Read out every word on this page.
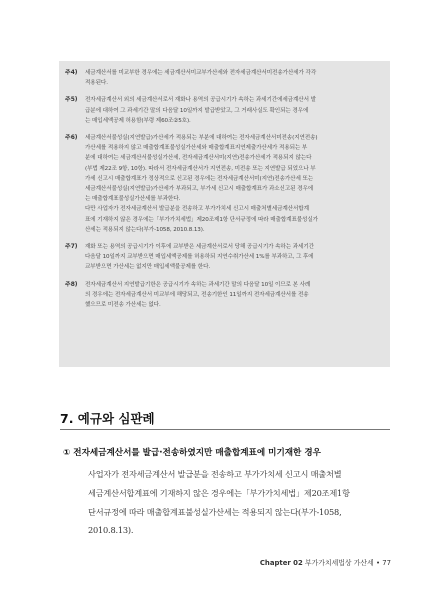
주4)	세금계산서를 미교부한 경우에는 세금계산서미교부가산세와 전자세금계산서미전송가산세가 각각

적용된다.

주5)	전자세금계산서 외의 세금계산서로서 재화나 용역의 공급시기가 속하는 과세기간에세금계산서 발

급분에 대하여 그 과세기간 말의 다음달 10일까지 발급받았고, 그 거래사실도 확인되는 경우에

는 매입세액공제 허용함(부령 제60조②5호).

주6)	세금계산서불성실(지연발급)가산세가 적용되는 부분에 대하여는 전자세금계산서미전송(지연전송)

가산세를 적용하지 않고 매출합계표불성실가산세와 매출합계표지연제출가산세가 적용되는 부

분에 대하여는 세금계산서불성실가산세, 전자세금계산서미(지연)전송가산세가 적용되지 않는다

(부법 제22조 9항, 10항). 따라서 전자세금계산서가 지연전송, 미전송 또는 지연발급 되었으나 부

가세 신고시 매출합계표가 정상적으로 신고된 경우에는 전자세금계산서미(지연)전송가산세 또는

세금계산서불성실(지연발급)가산세가 부과되고, 부가세 신고시 매출합계표가 과소신고된 경우에

는 매출합계표불성실가산세를 부과한다.

다만 사업자가 전자세금계산서 발급분을 전송하고 부가가치세 신고시 매출처별세금계산서합계

표에 기재하지 않은 경우에는「부가가치세법」제20조제1항 단서규정에 따라 매출합계표불성실가

산세는 적용되지 않는다(부가-1058, 2010.8.13).

주7)	재화 또는 용역의 공급시기가 이후에 교부받은 세금계산서로서 당해 공급시기가 속하는 과세기간

다음달 10일까지 교부받으면 매입세액공제를 허용하되 지연수취가산세 1%를 부과하고, 그 후에

교부받으면 가산세는 없지만 매입세액불공제를 한다.

주8)	전자세금계산서 지연발급기한은 공급시기가 속하는 과세기간 말의 다음달 10일 이므로 본 사례

의 경우에는 전자세금계산서 미교부에 해당되고, 전송기한인 11일까지 전자세금계산서를 전송

했으므로 미전송 가산세는 없다.

7. 예규와 심판례
① 전자세금계산서를 발급·전송하였지만 매출합계표에 미기재한 경우

사업자가 전자세금계산서 발급분을 전송하고 부가가치세 신고시 매출처별

세금계산서합계표에 기재하지 않은 경우에는「부가가치세법」제20조제1항

단서규정에 따라 매출합계표불성실가산세는 적용되지 않는다(부가-1058,

2010.8.13).

Chapter 02 부가가치세법상 가산세 • 77
